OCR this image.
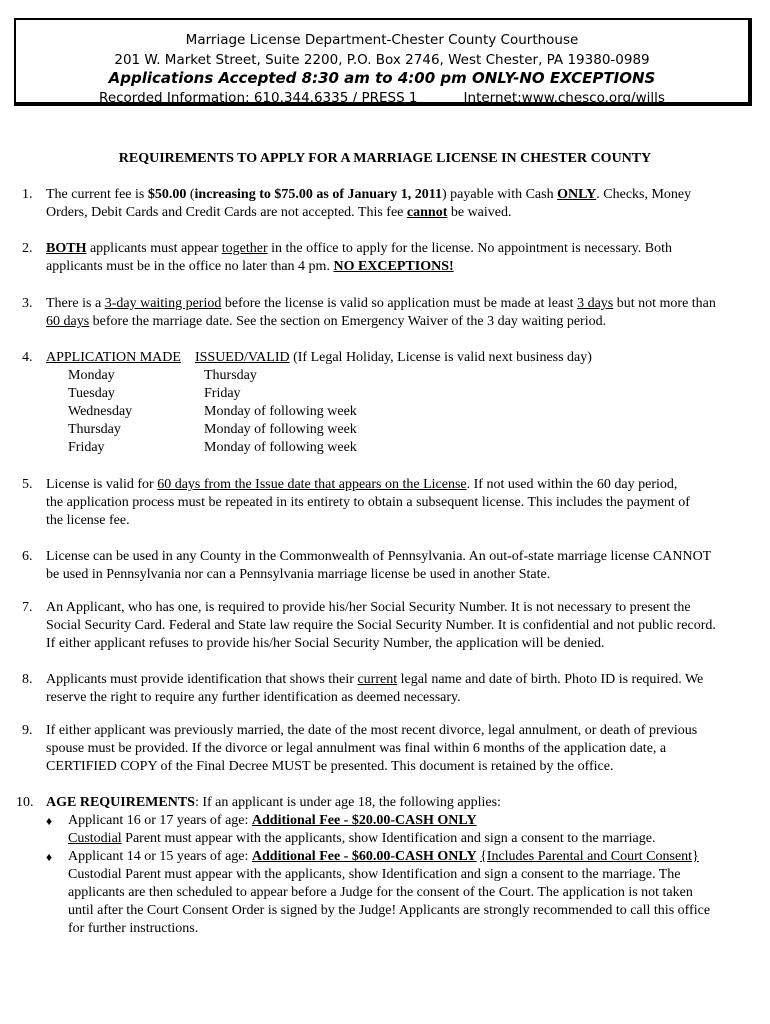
Marriage License Department-Chester County Courthouse
201 W. Market Street, Suite 2200, P.O. Box 2746, West Chester, PA 19380-0989
Applications Accepted 8:30 am to 4:00 pm ONLY-NO EXCEPTIONS
Recorded Information: 610.344.6335 / PRESS 1	Internet:www.chesco.org/wills
REQUIREMENTS TO APPLY FOR A MARRIAGE LICENSE IN CHESTER COUNTY
1. The current fee is $50.00 (increasing to $75.00 as of January 1, 2011) payable with Cash ONLY. Checks, Money
Orders, Debit Cards and Credit Cards are not accepted. This fee cannot be waived.
2. BOTH applicants must appear together in the office to apply for the license. No appointment is necessary. Both
applicants must be in the office no later than 4 pm. NO EXCEPTIONS!
3. There is a 3-day waiting period before the license is valid so application must be made at least 3 days but not more than
60 days before the marriage date. See the section on Emergency Waiver of the 3 day waiting period.
4. APPLICATION MADE ISSUED/VALID (If Legal Holiday, License is valid next business day)
Monday
Tuesday
Wednesday
Thursday
Friday
Thursday
Friday
Monday of following week
Monday of following week
Monday of following week
5. License is valid for 60 days from the Issue date that appears on the License. If not used within the 60 day period,
the application process must be repeated in its entirety to obtain a subsequent license. This includes the payment of
the license fee.
6. License can be used in any County in the Commonwealth of Pennsylvania. An out-of-state marriage license CANNOT
be used in Pennsylvania nor can a Pennsylvania marriage license be used in another State.
7. An Applicant, who has one, is required to provide his/her Social Security Number. It is not necessary to present the
Social Security Card. Federal and State law require the Social Security Number. It is confidential and not public record.
If either applicant refuses to provide his/her Social Security Number, the application will be denied.
8. Applicants must provide identification that shows their current legal name and date of birth. Photo ID is required. We
reserve the right to require any further identification as deemed necessary.
9. If either applicant was previously married, the date of the most recent divorce, legal annulment, or death of previous
spouse must be provided. If the divorce or legal annulment was final within 6 months of the application date, a
CERTIFIED COPY of the Final Decree MUST be presented. This document is retained by the office.
10. AGE REQUIREMENTS: If an applicant is under age 18, the following applies:
♦ Applicant 16 or 17 years of age: Additional Fee - $20.00-CASH ONLY
Custodial Parent must appear with the applicants, show Identification and sign a consent to the marriage.
♦ Applicant 14 or 15 years of age: Additional Fee - $60.00-CASH ONLY {Includes Parental and Court Consent}
Custodial Parent must appear with the applicants, show Identification and sign a consent to the marriage. The
applicants are then scheduled to appear before a Judge for the consent of the Court. The application is not taken
until after the Court Consent Order is signed by the Judge! Applicants are strongly recommended to call this office
for further instructions.
